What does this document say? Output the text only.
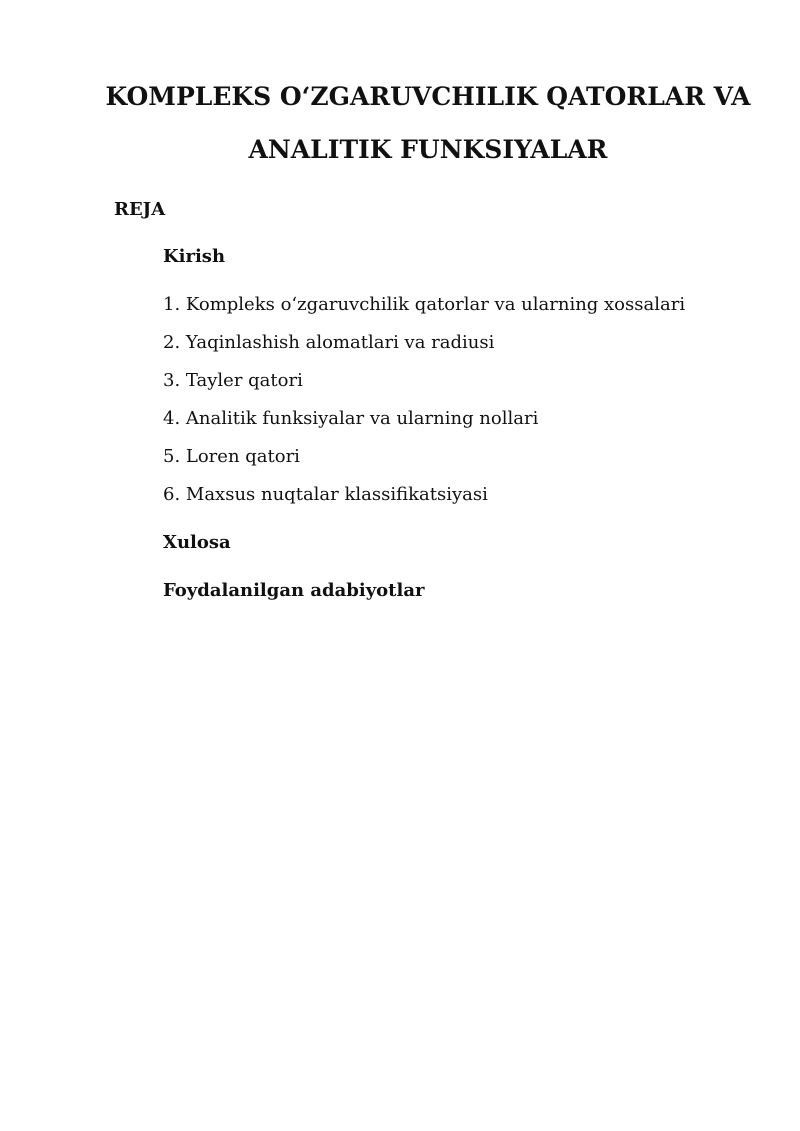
KOMPLEKS O‘ZGARUVCHILIK QATORLAR VA
ANALITIK FUNKSIYALAR

REJA

Kirish

1. Kompleks o‘zgaruvchilik qatorlar va ularning xossalari
2. Yaqinlashish alomatlari va radiusi
3. Tayler qatori
4. Analitik funksiyalar va ularning nollari
5. Loren qatori
6. Maxsus nuqtalar klassifikatsiyasi

Xulosa

Foydalanilgan adabiyotlar
